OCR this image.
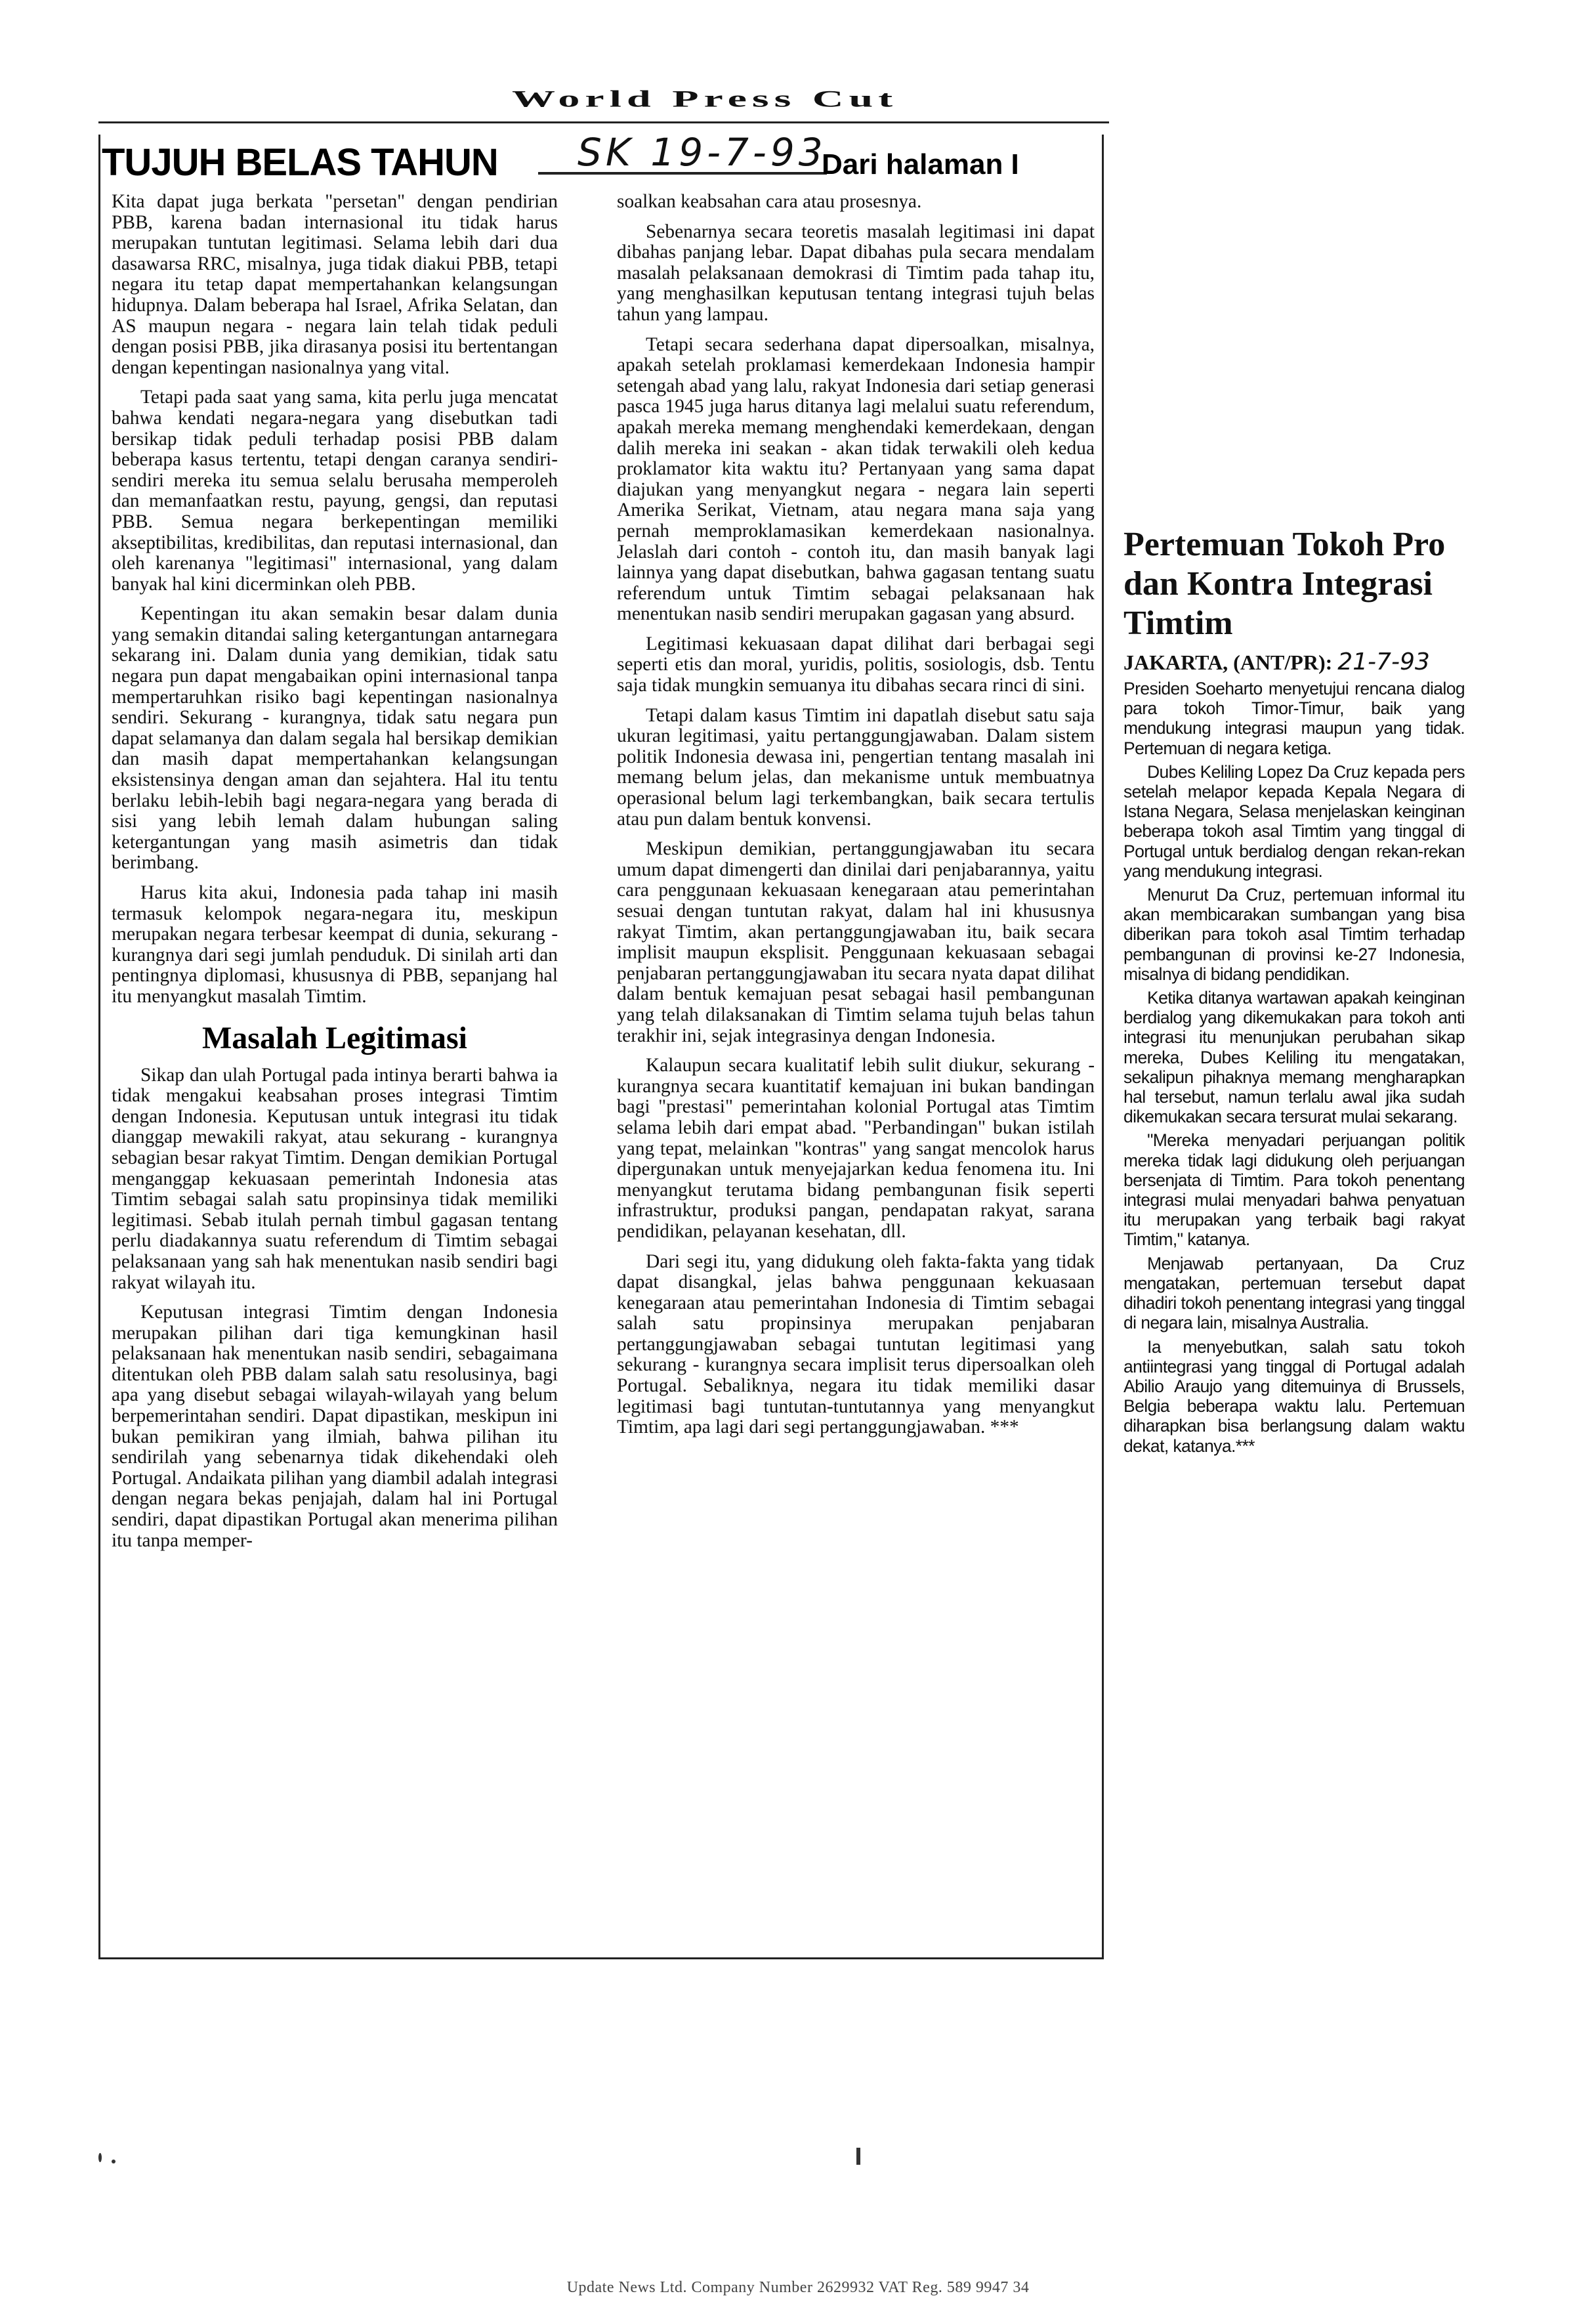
World Press Cut
TUJUH BELAS TAHUN	SK 19-7-93
Dari halaman I

Kita dapat juga berkata "persetan" dengan pendirian PBB, karena badan internasional itu tidak harus merupakan tuntutan legitimasi. Selama lebih dari dua dasawarsa RRC, misalnya, juga tidak diakui PBB, tetapi negara itu tetap dapat mempertahankan kelangsungan hidupnya. Dalam beberapa hal Israel, Afrika Selatan, dan AS maupun negara - negara lain telah tidak peduli dengan posisi PBB, jika dirasanya posisi itu bertentangan dengan kepentingan nasionalnya yang vital.

Tetapi pada saat yang sama, kita perlu juga mencatat bahwa kendati negara-negara yang disebutkan tadi bersikap tidak peduli terhadap posisi PBB dalam beberapa kasus tertentu, tetapi dengan caranya sendiri-sendiri mereka itu semua selalu berusaha memperoleh dan memanfaatkan restu, payung, gengsi, dan reputasi PBB. Semua negara berkepentingan memiliki akseptibilitas, kredibilitas, dan reputasi internasional, dan oleh karenanya "legitimasi" internasional, yang dalam banyak hal kini dicerminkan oleh PBB.

Kepentingan itu akan semakin besar dalam dunia yang semakin ditandai saling ketergantungan antarnegara sekarang ini. Dalam dunia yang demikian, tidak satu negara pun dapat mengabaikan opini internasional tanpa mempertaruhkan risiko bagi kepentingan nasionalnya sendiri. Sekurang - kurangnya, tidak satu negara pun dapat selamanya dan dalam segala hal bersikap demikian dan masih dapat mempertahankan kelangsungan eksistensinya dengan aman dan sejahtera. Hal itu tentu berlaku lebih-lebih bagi negara-negara yang berada di sisi yang lebih lemah dalam hubungan saling ketergantungan yang masih asimetris dan tidak berimbang.

Harus kita akui, Indonesia pada tahap ini masih termasuk kelompok negara-negara itu, meskipun merupakan negara terbesar keempat di dunia, sekurang - kurangnya dari segi jumlah penduduk. Di sinilah arti dan pentingnya diplomasi, khususnya di PBB, sepanjang hal itu menyangkut masalah Timtim.

Masalah Legitimasi

Sikap dan ulah Portugal pada intinya berarti bahwa ia tidak mengakui keabsahan proses integrasi Timtim dengan Indonesia. Keputusan untuk integrasi itu tidak dianggap mewakili rakyat, atau sekurang - kurangnya sebagian besar rakyat Timtim. Dengan demikian Portugal menganggap kekuasaan pemerintah Indonesia atas Timtim sebagai salah satu propinsinya tidak memiliki legitimasi. Sebab itulah pernah timbul gagasan tentang perlu diadakannya suatu referendum di Timtim sebagai pelaksanaan yang sah hak menentukan nasib sendiri bagi rakyat wilayah itu.

Keputusan integrasi Timtim dengan Indonesia merupakan pilihan dari tiga kemungkinan hasil pelaksanaan hak menentukan nasib sendiri, sebagaimana ditentukan oleh PBB dalam salah satu resolusinya, bagi apa yang disebut sebagai wilayah-wilayah yang belum berpemerintahan sendiri. Dapat dipastikan, meskipun ini bukan pemikiran yang ilmiah, bahwa pilihan itu sendirilah yang sebenarnya tidak dikehendaki oleh Portugal. Andaikata pilihan yang diambil adalah integrasi dengan negara bekas penjajah, dalam hal ini Portugal sendiri, dapat dipastikan Portugal akan menerima pilihan itu tanpa memper-

soalkan keabsahan cara atau prosesnya.

Sebenarnya secara teoretis masalah legitimasi ini dapat dibahas panjang lebar. Dapat dibahas pula secara mendalam masalah pelaksanaan demokrasi di Timtim pada tahap itu, yang menghasilkan keputusan tentang integrasi tujuh belas tahun yang lampau.

Tetapi secara sederhana dapat dipersoalkan, misalnya, apakah setelah proklamasi kemerdekaan Indonesia hampir setengah abad yang lalu, rakyat Indonesia dari setiap generasi pasca 1945 juga harus ditanya lagi melalui suatu referendum, apakah mereka memang menghendaki kemerdekaan, dengan dalih mereka ini seakan - akan tidak terwakili oleh kedua proklamator kita waktu itu? Pertanyaan yang sama dapat diajukan yang menyangkut negara - negara lain seperti Amerika Serikat, Vietnam, atau negara mana saja yang pernah memproklamasikan kemerdekaan nasionalnya. Jelaslah dari contoh - contoh itu, dan masih banyak lagi lainnya yang dapat disebutkan, bahwa gagasan tentang suatu referendum untuk Timtim sebagai pelaksanaan hak menentukan nasib sendiri merupakan gagasan yang absurd.

Legitimasi kekuasaan dapat dilihat dari berbagai segi seperti etis dan moral, yuridis, politis, sosiologis, dsb. Tentu saja tidak mungkin semuanya itu dibahas secara rinci di sini.

Tetapi dalam kasus Timtim ini dapatlah disebut satu saja ukuran legitimasi, yaitu pertanggungjawaban. Dalam sistem politik Indonesia dewasa ini, pengertian tentang masalah ini memang belum jelas, dan mekanisme untuk membuatnya operasional belum lagi terkembangkan, baik secara tertulis atau pun dalam bentuk konvensi.

Meskipun demikian, pertanggungjawaban itu secara umum dapat dimengerti dan dinilai dari penjabarannya, yaitu cara penggunaan kekuasaan kenegaraan atau pemerintahan sesuai dengan tuntutan rakyat, dalam hal ini khususnya rakyat Timtim, akan pertanggungjawaban itu, baik secara implisit maupun eksplisit. Penggunaan kekuasaan sebagai penjabaran pertanggungjawaban itu secara nyata dapat dilihat dalam bentuk kemajuan pesat sebagai hasil pembangunan yang telah dilaksanakan di Timtim selama tujuh belas tahun terakhir ini, sejak integrasinya dengan Indonesia.

Kalaupun secara kualitatif lebih sulit diukur, sekurang - kurangnya secara kuantitatif kemajuan ini bukan bandingan bagi "prestasi" pemerintahan kolonial Portugal atas Timtim selama lebih dari empat abad. "Perbandingan" bukan istilah yang tepat, melainkan "kontras" yang sangat mencolok harus dipergunakan untuk menyejajarkan kedua fenomena itu. Ini menyangkut terutama bidang pembangunan fisik seperti infrastruktur, produksi pangan, pendapatan rakyat, sarana pendidikan, pelayanan kesehatan, dll.

Dari segi itu, yang didukung oleh fakta-fakta yang tidak dapat disangkal, jelas bahwa penggunaan kekuasaan kenegaraan atau pemerintahan Indonesia di Timtim sebagai salah satu propinsinya merupakan penjabaran pertanggungjawaban sebagai tuntutan legitimasi yang sekurang - kurangnya secara implisit terus dipersoalkan oleh Portugal. Sebaliknya, negara itu tidak memiliki dasar legitimasi bagi tuntutan-tuntutannya yang menyangkut Timtim, apa lagi dari segi pertanggungjawaban. ***

Pertemuan Tokoh Pro dan Kontra Integrasi Timtim
JAKARTA, (ANT/PR): 21-7-93

Presiden Soeharto menyetujui rencana dialog para tokoh Timor-Timur, baik yang mendukung integrasi maupun yang tidak. Pertemuan di negara ketiga.

Dubes Keliling Lopez Da Cruz kepada pers setelah melapor kepada Kepala Negara di Istana Negara, Selasa menjelaskan keinginan beberapa tokoh asal Timtim yang tinggal di Portugal untuk berdialog dengan rekan-rekan yang mendukung integrasi.

Menurut Da Cruz, pertemuan informal itu akan membicarakan sumbangan yang bisa diberikan para tokoh asal Timtim terhadap pembangunan di provinsi ke-27 Indonesia, misalnya di bidang pendidikan.

Ketika ditanya wartawan apakah keinginan berdialog yang dikemukakan para tokoh anti integrasi itu menunjukan perubahan sikap mereka, Dubes Keliling itu mengatakan, sekalipun pihaknya memang mengharapkan hal tersebut, namun terlalu awal jika sudah dikemukakan secara tersurat mulai sekarang.

"Mereka menyadari perjuangan politik mereka tidak lagi didukung oleh perjuangan bersenjata di Timtim. Para tokoh penentang integrasi mulai menyadari bahwa penyatuan itu merupakan yang terbaik bagi rakyat Timtim," katanya.

Menjawab pertanyaan, Da Cruz mengatakan, pertemuan tersebut dapat dihadiri tokoh penentang integrasi yang tinggal di negara lain, misalnya Australia.

Ia menyebutkan, salah satu tokoh antiintegrasi yang tinggal di Portugal adalah Abilio Araujo yang ditemuinya di Brussels, Belgia beberapa waktu lalu. Pertemuan diharapkan bisa berlangsung dalam waktu dekat, katanya.***

Update News Ltd. Company Number 2629932 VAT Reg. 589 9947 34
